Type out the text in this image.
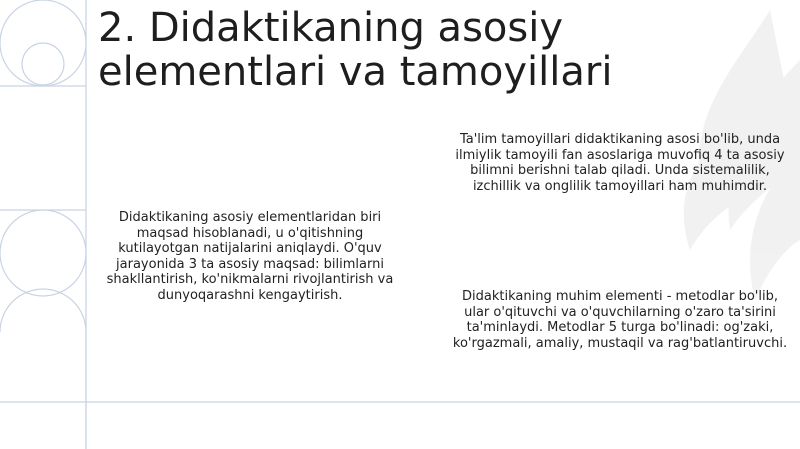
2. Didaktikaning asosiy elementlari va tamoyillari

Didaktikaning asosiy elementlaridan biri maqsad hisoblanadi, u o'qitishning kutilayotgan natijalarini aniqlaydi. O'quv jarayonida 3 ta asosiy maqsad: bilimlarni shakllantirish, ko'nikmalarni rivojlantirish va dunyoqarashni kengaytirish.

Ta'lim tamoyillari didaktikaning asosi bo'lib, unda ilmiylik tamoyili fan asoslariga muvofiq 4 ta asosiy bilimni berishni talab qiladi. Unda sistemalilik, izchillik va onglilik tamoyillari ham muhimdir.

Didaktikaning muhim elementi - metodlar bo'lib, ular o'qituvchi va o'quvchilarning o'zaro ta'sirini ta'minlaydi. Metodlar 5 turga bo'linadi: og'zaki, ko'rgazmali, amaliy, mustaqil va rag'batlantiruvchi.
